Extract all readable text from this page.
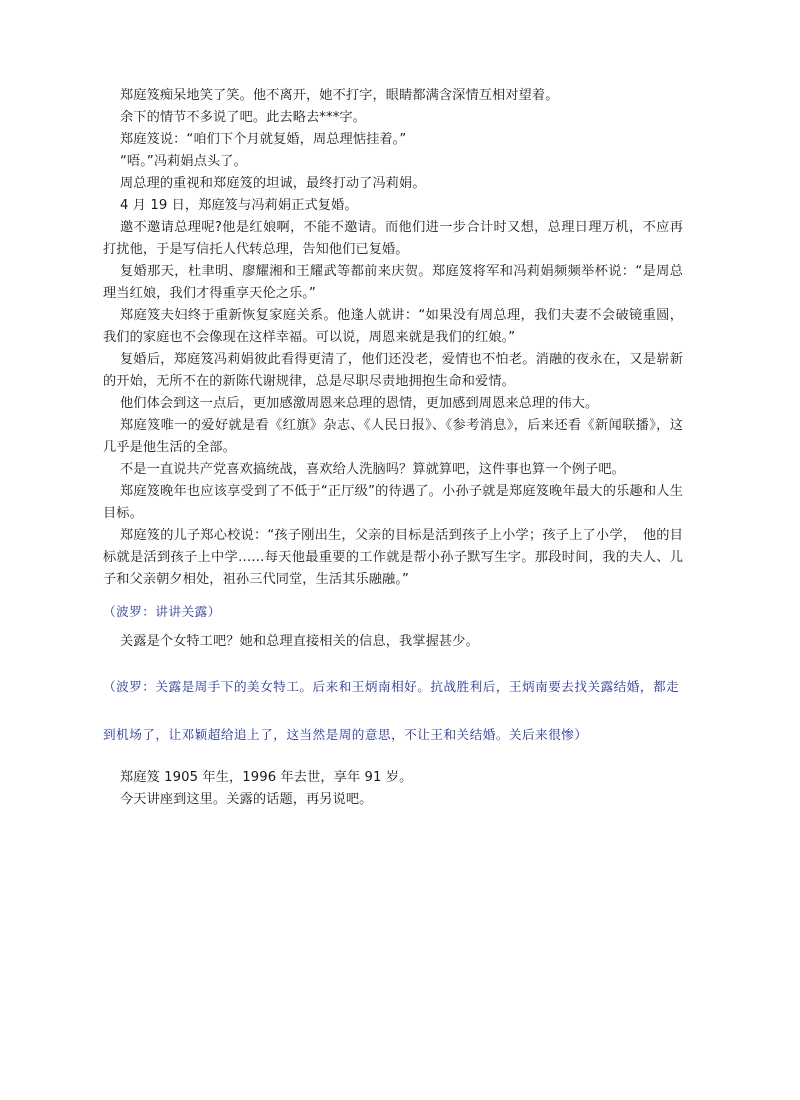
郑庭笈痴呆地笑了笑。他不离开，她不打字，眼睛都满含深情互相对望着。

余下的情节不多说了吧。此去略去***字。

郑庭笈说：“咱们下个月就复婚，周总理惦挂着。”

“唔。”冯莉娟点头了。

周总理的重视和郑庭笈的坦诚，最终打动了冯莉娟。

4 月 19 日，郑庭笈与冯莉娟正式复婚。

邀不邀请总理呢?他是红娘啊，不能不邀请。而他们进一步合计时又想，总理日理万机，不应再打扰他，于是写信托人代转总理，告知他们已复婚。

复婚那天，杜聿明、廖耀湘和王耀武等都前来庆贺。郑庭笈将军和冯莉娟频频举杯说：“是周总理当红娘，我们才得重享天伦之乐。”

郑庭笈夫妇终于重新恢复家庭关系。他逢人就讲：“如果没有周总理，我们夫妻不会破镜重圆，我们的家庭也不会像现在这样幸福。可以说，周恩来就是我们的红娘。”

复婚后，郑庭笈冯莉娟彼此看得更清了，他们还没老，爱情也不怕老。消融的夜永在，又是崭新的开始，无所不在的新陈代谢规律，总是尽职尽责地拥抱生命和爱情。

他们体会到这一点后，更加感激周恩来总理的恩情，更加感到周恩来总理的伟大。

郑庭笈唯一的爱好就是看《红旗》杂志、《人民日报》、《参考消息》，后来还看《新闻联播》，这几乎是他生活的全部。

不是一直说共产党喜欢搞统战，喜欢给人洗脑吗？算就算吧，这件事也算一个例子吧。

郑庭笈晚年也应该享受到了不低于“正厅级”的待遇了。小孙子就是郑庭笈晚年最大的乐趣和人生目标。

郑庭笈的儿子郑心校说：“孩子刚出生，父亲的目标是活到孩子上小学；孩子上了小学，　他的目标就是活到孩子上中学……每天他最重要的工作就是帮小孙子默写生字。那段时间，我的夫人、儿子和父亲朝夕相处，祖孙三代同堂，生活其乐融融。”

（波罗：讲讲关露）

关露是个女特工吧？她和总理直接相关的信息，我掌握甚少。

（波罗：关露是周手下的美女特工。后来和王炳南相好。抗战胜利后，王炳南要去找关露结婚，都走到机场了，让邓颖超给追上了，这当然是周的意思，不让王和关结婚。关后来很惨）

郑庭笈 1905 年生，1996 年去世，享年 91 岁。

今天讲座到这里。关露的话题，再另说吧。
